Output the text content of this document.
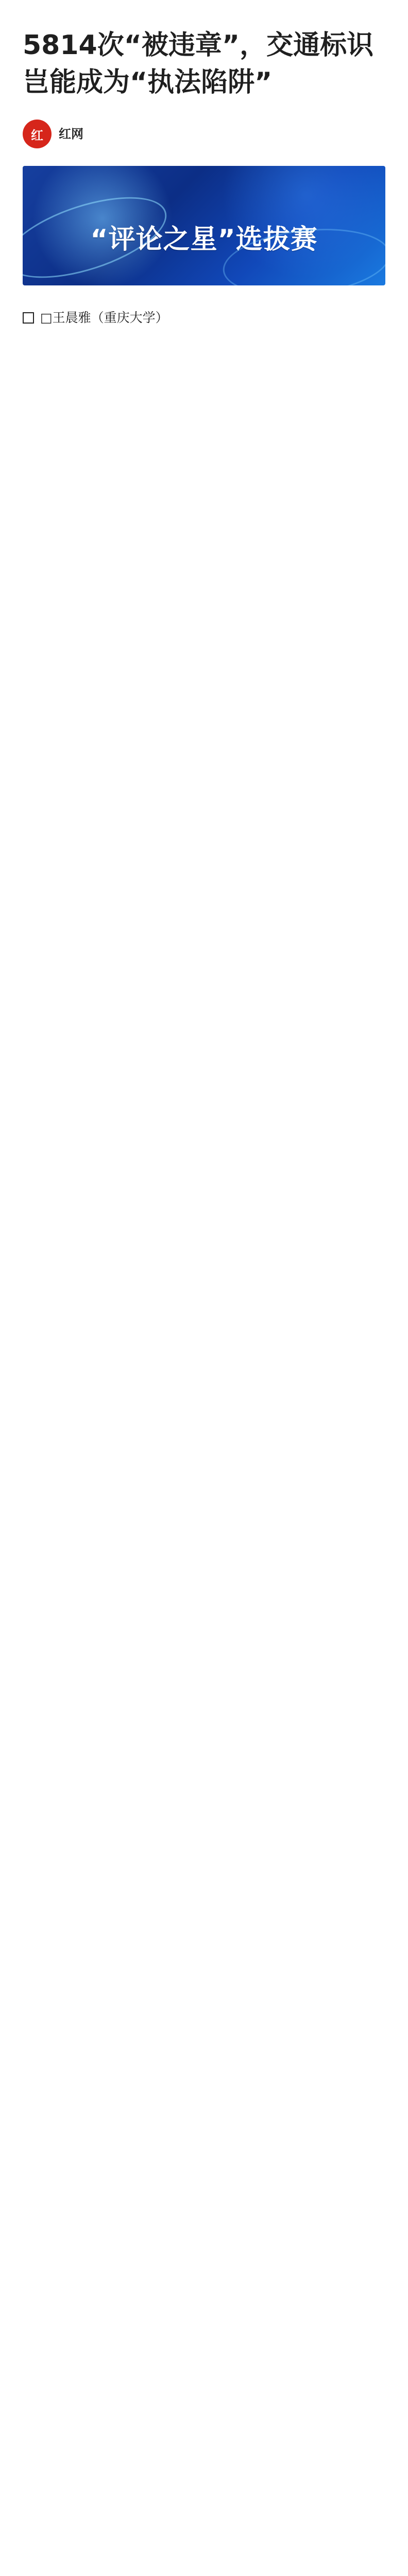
5814次“被违章”，交通标识岂能成为“执法陷阱”
红	红网
“评论之星”选拔赛
□王晨雅（重庆大学）
